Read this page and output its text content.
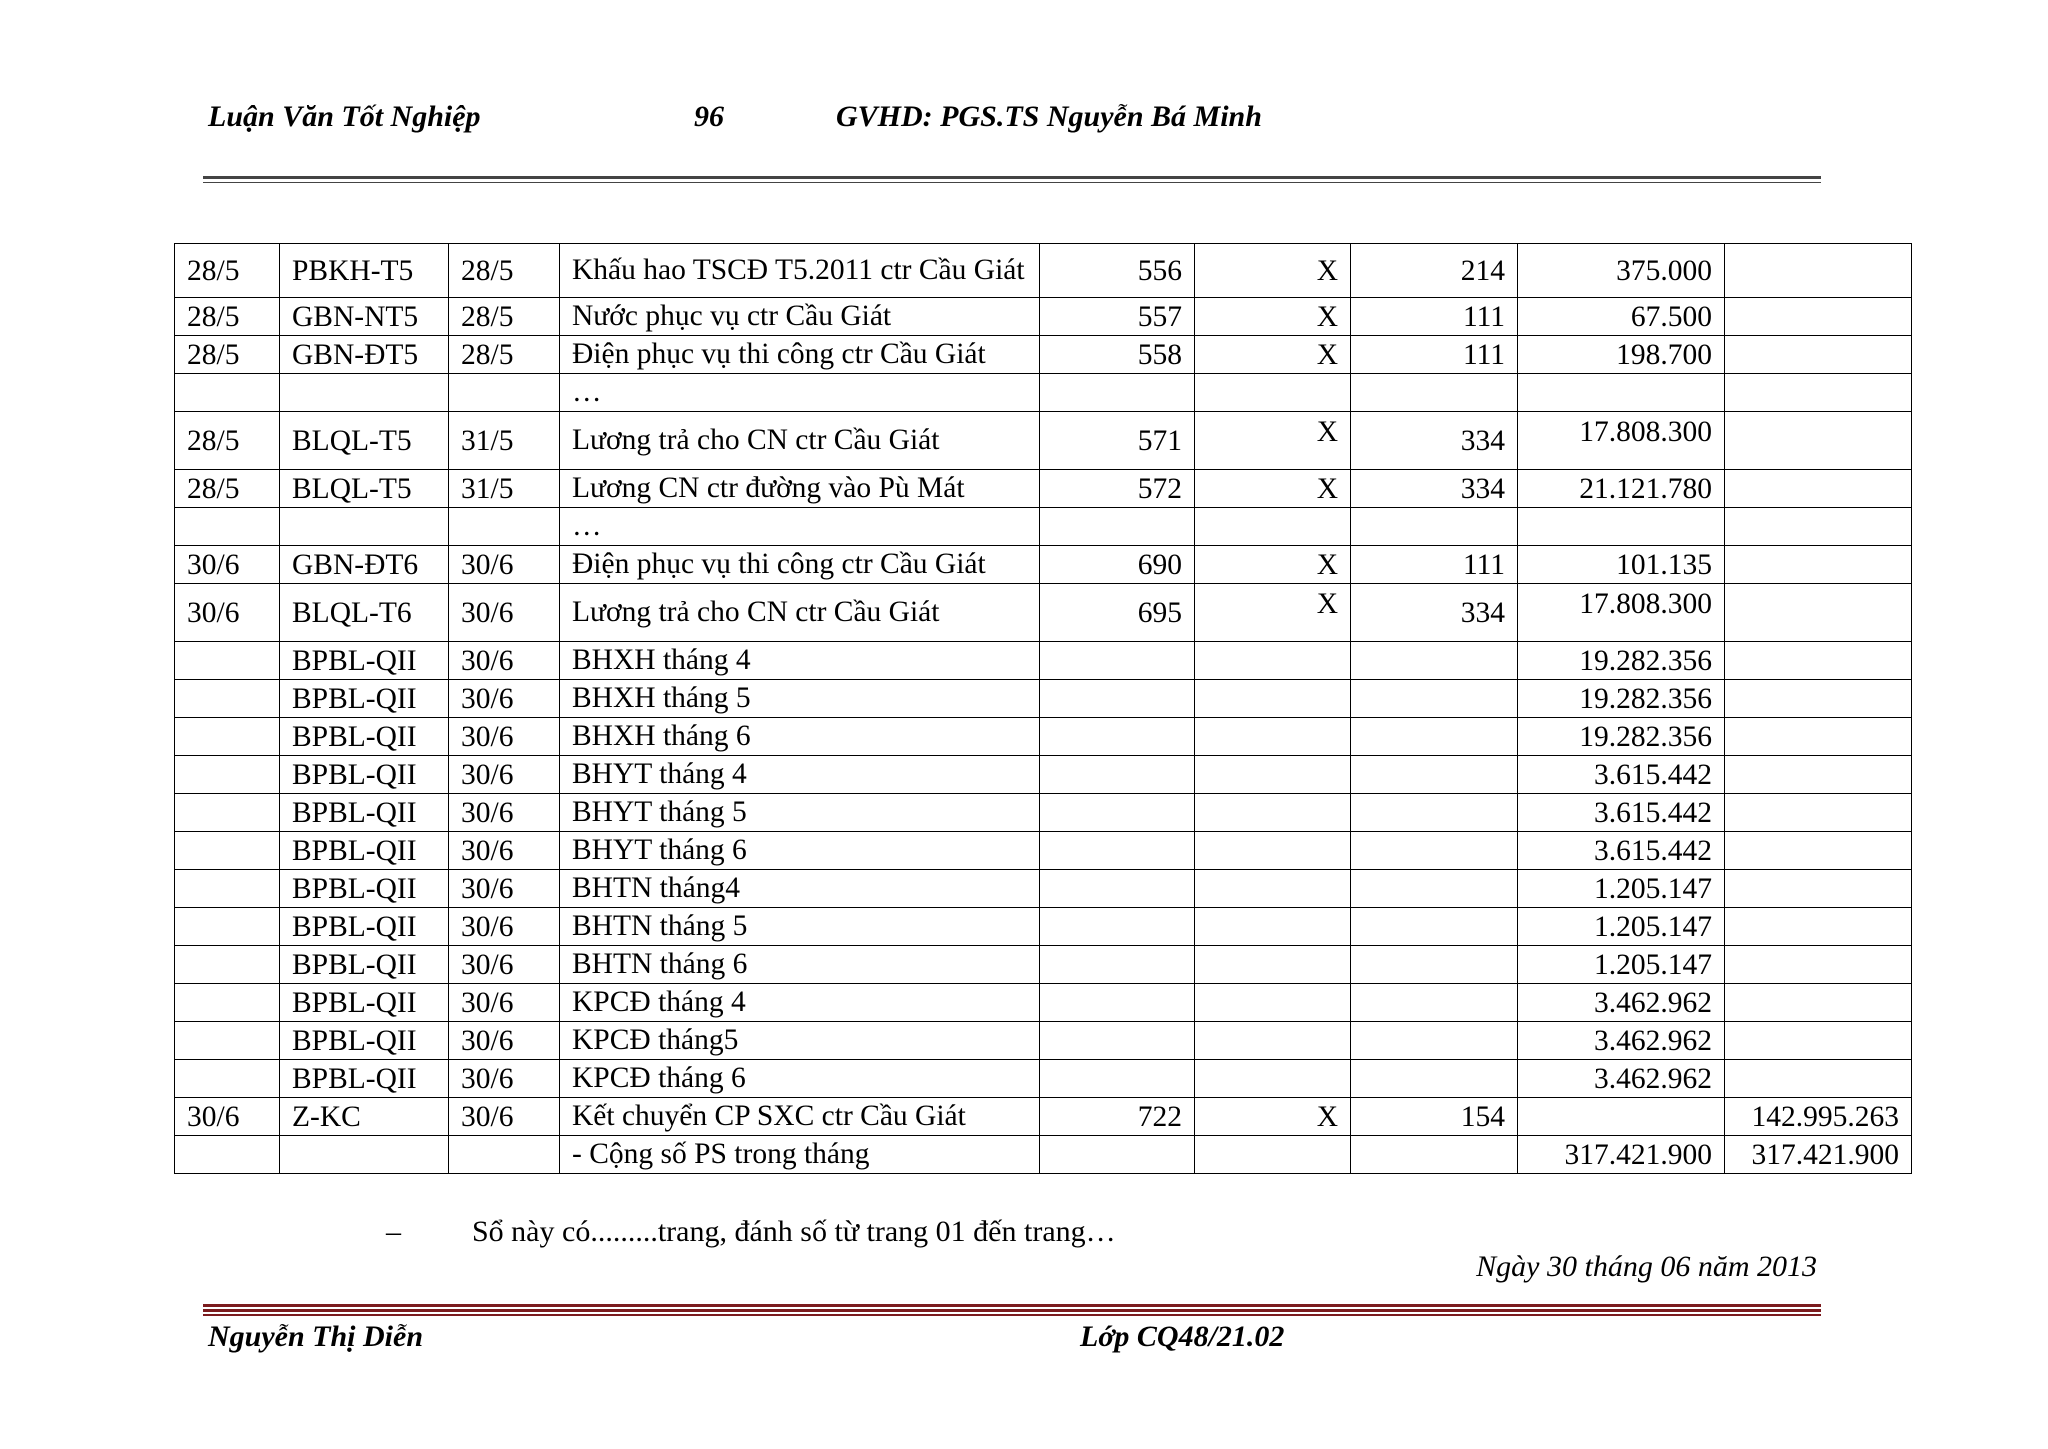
Luận Văn Tốt Nghiệp	96	GVHD: PGS.TS Nguyễn Bá Minh
28/5	PBKH-T5	28/5	Khấu hao TSCĐ T5.2011 ctr Cầu Giát	556	X	214	375.000	
28/5	GBN-NT5	28/5	Nước phục vụ ctr Cầu Giát	557	X	111	67.500	
28/5	GBN-ĐT5	28/5	Điện phục vụ thi công ctr Cầu Giát	558	X	111	198.700	
			…					
28/5	BLQL-T5	31/5	Lương trả cho CN ctr Cầu Giát	571	X	334	17.808.300	
28/5	BLQL-T5	31/5	Lương CN ctr đường vào Pù Mát	572	X	334	21.121.780	
			…					
30/6	GBN-ĐT6	30/6	Điện phục vụ thi công ctr Cầu Giát	690	X	111	101.135	
30/6	BLQL-T6	30/6	Lương trả cho CN ctr Cầu Giát	695	X	334	17.808.300	
	BPBL-QII	30/6	BHXH tháng 4				19.282.356	
	BPBL-QII	30/6	BHXH tháng 5				19.282.356	
	BPBL-QII	30/6	BHXH tháng 6				19.282.356	
	BPBL-QII	30/6	BHYT tháng 4				3.615.442	
	BPBL-QII	30/6	BHYT tháng 5				3.615.442	
	BPBL-QII	30/6	BHYT tháng 6				3.615.442	
	BPBL-QII	30/6	BHTN tháng4				1.205.147	
	BPBL-QII	30/6	BHTN tháng 5				1.205.147	
	BPBL-QII	30/6	BHTN tháng 6				1.205.147	
	BPBL-QII	30/6	KPCĐ tháng 4				3.462.962	
	BPBL-QII	30/6	KPCĐ tháng5				3.462.962	
	BPBL-QII	30/6	KPCĐ tháng 6				3.462.962	
30/6	Z-KC	30/6	Kết chuyển CP SXC ctr Cầu Giát	722	X	154		142.995.263
			- Cộng số PS trong tháng				317.421.900	317.421.900
– Sổ này có.........trang, đánh số từ trang 01 đến trang…
Ngày 30 tháng 06 năm 2013
Nguyễn Thị Diễn	Lớp CQ48/21.02
